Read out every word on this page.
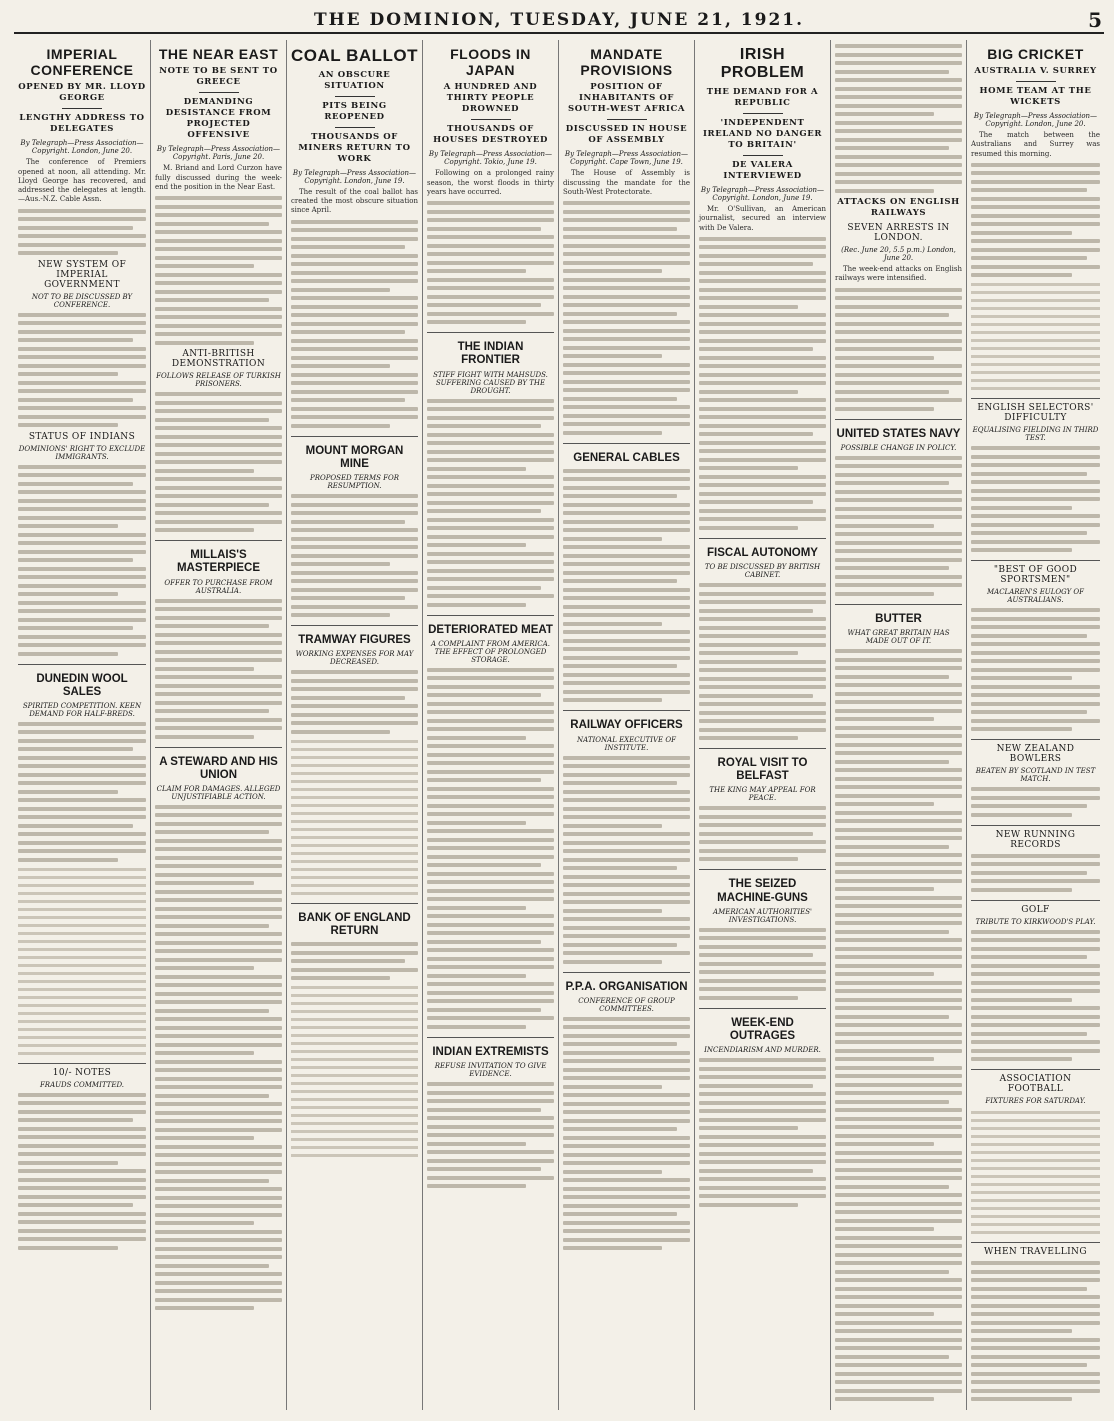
THE DOMINION, TUESDAY, JUNE 21, 1921.	5
IMPERIAL CONFERENCE
OPENED BY MR. LLOYD GEORGE
LENGTHY ADDRESS TO DELEGATES
By Telegraph—Press Association—Copyright. London, June 20.
The conference of Premiers opened at noon, all attending. Mr. Lloyd George has recovered, and addressed the delegates at length.—Aus.-N.Z. Cable Assn.
NEW SYSTEM OF IMPERIAL GOVERNMENT
NOT TO BE DISCUSSED BY CONFERENCE.
STATUS OF INDIANS
DOMINIONS' RIGHT TO EXCLUDE IMMIGRANTS.
DUNEDIN WOOL SALES
SPIRITED COMPETITION. KEEN DEMAND FOR HALF-BREDS.
10/- NOTES
FRAUDS COMMITTED.
THE NEAR EAST
NOTE TO BE SENT TO GREECE
DEMANDING DESISTANCE FROM PROJECTED OFFENSIVE
By Telegraph—Press Association—Copyright. Paris, June 20.
M. Briand and Lord Curzon have fully discussed during the week-end the position in the Near East.
ANTI-BRITISH DEMONSTRATION
FOLLOWS RELEASE OF TURKISH PRISONERS.
MILLAIS'S MASTERPIECE
OFFER TO PURCHASE FROM AUSTRALIA.
A STEWARD AND HIS UNION
CLAIM FOR DAMAGES. ALLEGED UNJUSTIFIABLE ACTION.
COAL BALLOT
AN OBSCURE SITUATION
PITS BEING REOPENED
THOUSANDS OF MINERS RETURN TO WORK
By Telegraph—Press Association—Copyright. London, June 19.
The result of the coal ballot has created the most obscure situation since April.
MOUNT MORGAN MINE
PROPOSED TERMS FOR RESUMPTION.
TRAMWAY FIGURES
WORKING EXPENSES FOR MAY DECREASED.
BANK OF ENGLAND RETURN
FLOODS IN JAPAN
A HUNDRED AND THIRTY PEOPLE DROWNED
THOUSANDS OF HOUSES DESTROYED
By Telegraph—Press Association—Copyright. Tokio, June 19.
Following on a prolonged rainy season, the worst floods in thirty years have occurred.
THE INDIAN FRONTIER
STIFF FIGHT WITH MAHSUDS. SUFFERING CAUSED BY THE DROUGHT.
DETERIORATED MEAT
A COMPLAINT FROM AMERICA. THE EFFECT OF PROLONGED STORAGE.
INDIAN EXTREMISTS
REFUSE INVITATION TO GIVE EVIDENCE.
MANDATE PROVISIONS
POSITION OF INHABITANTS OF SOUTH-WEST AFRICA
DISCUSSED IN HOUSE OF ASSEMBLY
By Telegraph—Press Association—Copyright. Cape Town, June 19.
The House of Assembly is discussing the mandate for the South-West Protectorate.
GENERAL CABLES
RAILWAY OFFICERS
NATIONAL EXECUTIVE OF INSTITUTE.
P.P.A. ORGANISATION
CONFERENCE OF GROUP COMMITTEES.
IRISH PROBLEM
THE DEMAND FOR A REPUBLIC
'INDEPENDENT IRELAND NO DANGER TO BRITAIN'
DE VALERA INTERVIEWED
By Telegraph—Press Association—Copyright. London, June 19.
Mr. O'Sullivan, an American journalist, secured an interview with De Valera.
FISCAL AUTONOMY
TO BE DISCUSSED BY BRITISH CABINET.
ROYAL VISIT TO BELFAST
THE KING MAY APPEAL FOR PEACE.
THE SEIZED MACHINE-GUNS
AMERICAN AUTHORITIES' INVESTIGATIONS.
WEEK-END OUTRAGES
INCENDIARISM AND MURDER.
ATTACKS ON ENGLISH RAILWAYS
SEVEN ARRESTS IN LONDON.
(Rec. June 20, 5.5 p.m.) London, June 20.
The week-end attacks on English railways were intensified.
UNITED STATES NAVY
POSSIBLE CHANGE IN POLICY.
BUTTER
WHAT GREAT BRITAIN HAS MADE OUT OF IT.
BIG CRICKET
AUSTRALIA V. SURREY
HOME TEAM AT THE WICKETS
By Telegraph—Press Association—Copyright. London, June 20.
The match between the Australians and Surrey was resumed this morning.
ENGLISH SELECTORS' DIFFICULTY
EQUALISING FIELDING IN THIRD TEST.
"BEST OF GOOD SPORTSMEN"
MACLAREN'S EULOGY OF AUSTRALIANS.
NEW ZEALAND BOWLERS
BEATEN BY SCOTLAND IN TEST MATCH.
NEW RUNNING RECORDS
GOLF
TRIBUTE TO KIRKWOOD'S PLAY.
ASSOCIATION FOOTBALL
FIXTURES FOR SATURDAY.
WHEN TRAVELLING
